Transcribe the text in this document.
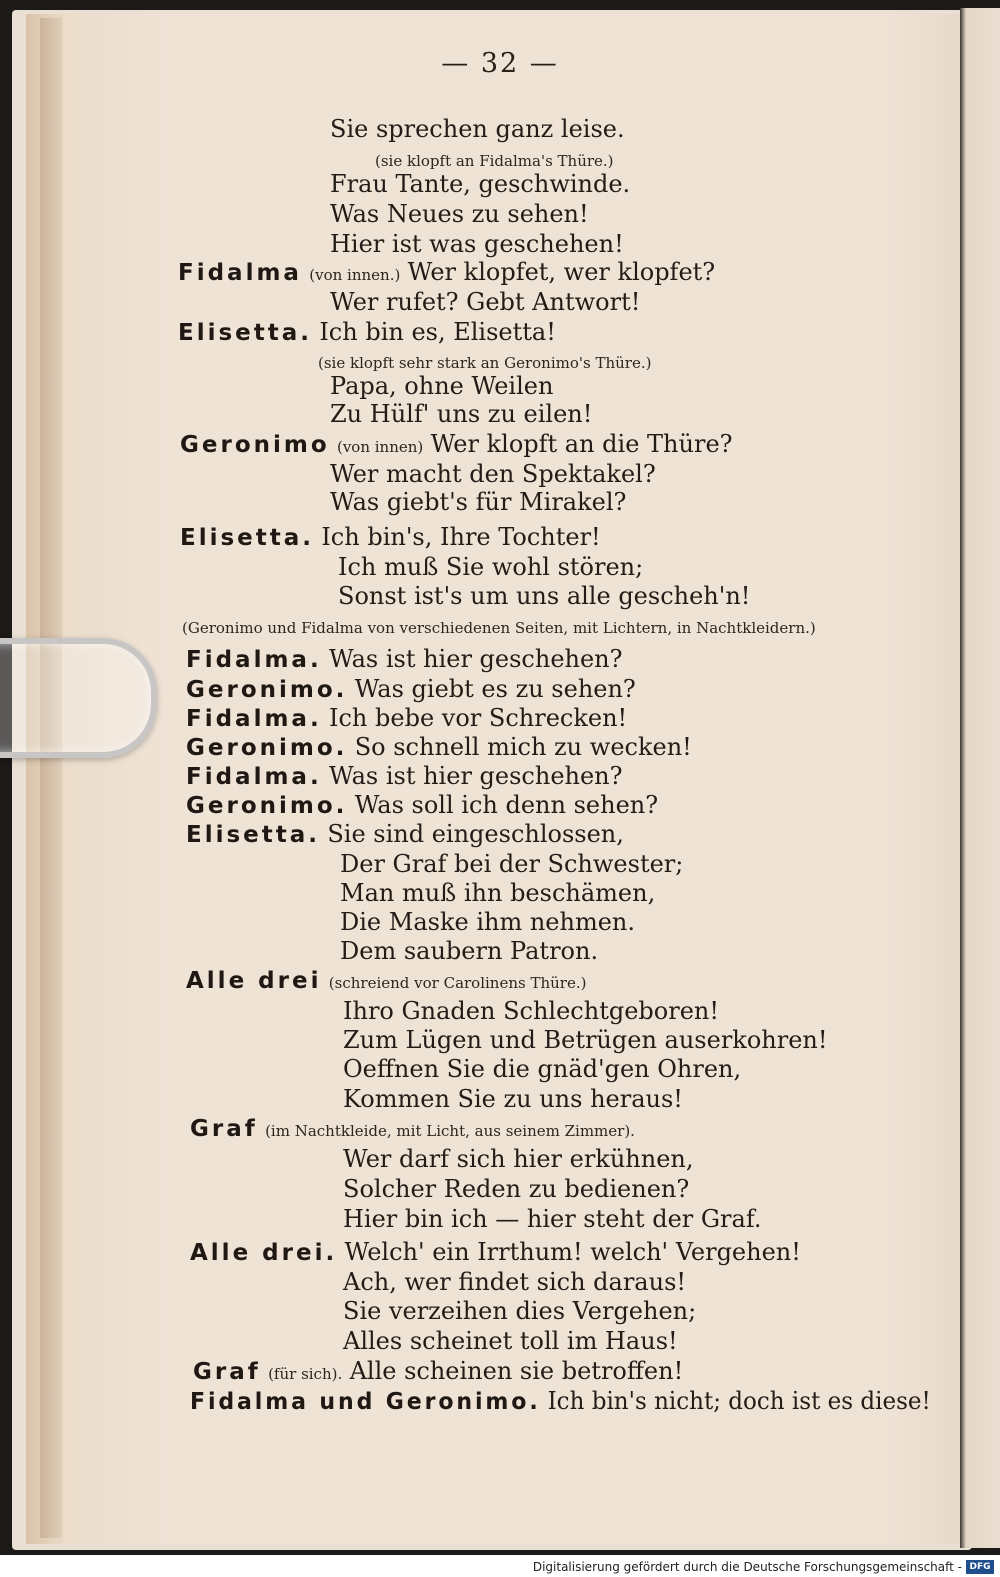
— 32 —
Sie sprechen ganz leise.
(sie klopft an Fidalma's Thüre.)
Frau Tante, geschwinde.
Was Neues zu sehen!
Hier ist was geschehen!
Fidalma (von innen.) Wer klopfet, wer klopfet?
Wer rufet? Gebt Antwort!
Elisetta. Ich bin es, Elisetta!
(sie klopft sehr stark an Geronimo's Thüre.)
Papa, ohne Weilen
Zu Hülf' uns zu eilen!
Geronimo (von innen) Wer klopft an die Thüre?
Wer macht den Spektakel?
Was giebt's für Mirakel?
Elisetta. Ich bin's, Ihre Tochter!
Ich muß Sie wohl stören;
Sonst ist's um uns alle gescheh'n!
(Geronimo und Fidalma von verschiedenen Seiten, mit Lichtern, in Nachtkleidern.)
Fidalma. Was ist hier geschehen?
Geronimo. Was giebt es zu sehen?
Fidalma. Ich bebe vor Schrecken!
Geronimo. So schnell mich zu wecken!
Fidalma. Was ist hier geschehen?
Geronimo. Was soll ich denn sehen?
Elisetta. Sie sind eingeschlossen,
Der Graf bei der Schwester;
Man muß ihn beschämen,
Die Maske ihm nehmen.
Dem saubern Patron.
Alle drei (schreiend vor Carolinens Thüre.)
Ihro Gnaden Schlechtgeboren!
Zum Lügen und Betrügen auserkohren!
Oeffnen Sie die gnäd'gen Ohren,
Kommen Sie zu uns heraus!
Graf (im Nachtkleide, mit Licht, aus seinem Zimmer).
Wer darf sich hier erkühnen,
Solcher Reden zu bedienen?
Hier bin ich — hier steht der Graf.
Alle drei. Welch' ein Irrthum! welch' Vergehen!
Ach, wer findet sich daraus!
Sie verzeihen dies Vergehen;
Alles scheinet toll im Haus!
Graf (für sich). Alle scheinen sie betroffen!
Fidalma und Geronimo. Ich bin's nicht; doch ist es diese!
Digitalisierung gefördert durch die Deutsche Forschungsgemeinschaft - DFG
